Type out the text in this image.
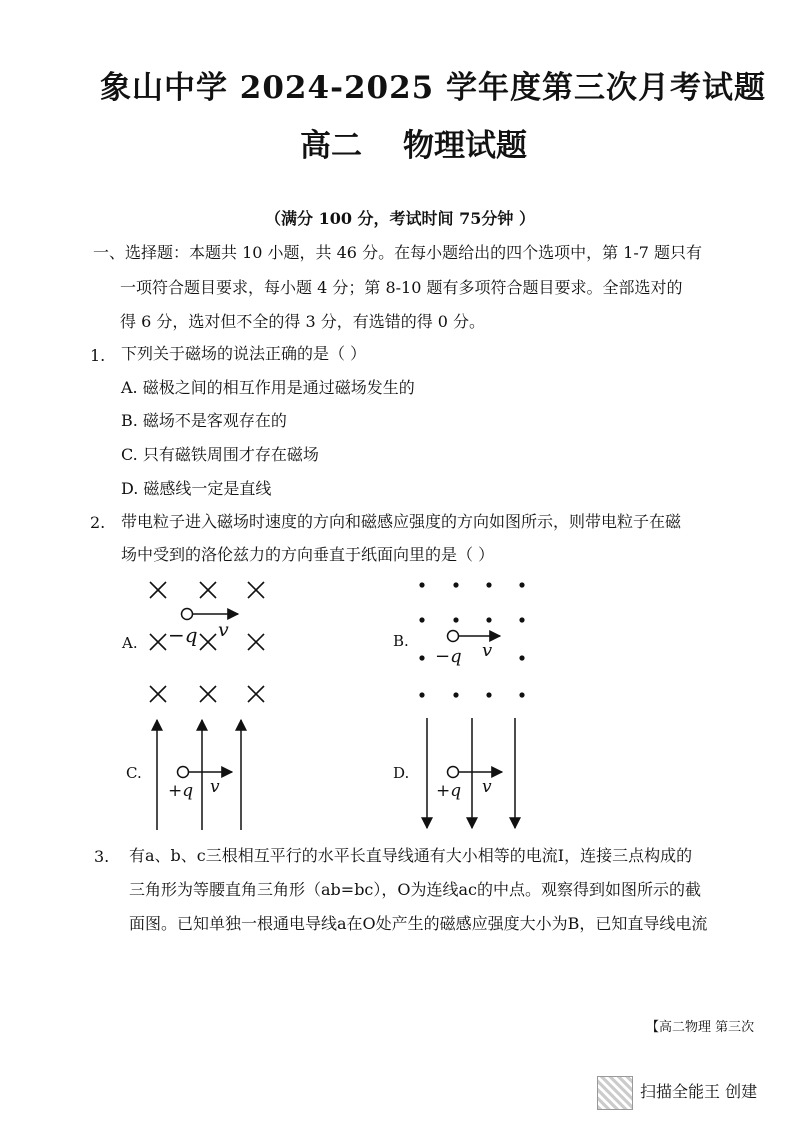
象山中学 2024-2025 学年度第三次月考试题
高二 物理试题
（满分 100 分，考试时间 75分钟 ）
一、选择题：本题共 10 小题，共 46 分。在每小题给出的四个选项中，第 1-7 题只有
一项符合题目要求，每小题 4 分；第 8-10 题有多项符合题目要求。全部选对的
得 6 分，选对但不全的得 3 分，有选错的得 0 分。
1. 下列关于磁场的说法正确的是（ ）
A. 磁极之间的相互作用是通过磁场发生的
B. 磁场不是客观存在的
C. 只有磁铁周围才存在磁场
D. 磁感线一定是直线
2. 带电粒子进入磁场时速度的方向和磁感应强度的方向如图所示，则带电粒子在磁
场中受到的洛伦兹力的方向垂直于纸面向里的是（ ）
A. −q v	B.
−q v
C.
+q v
D.
+q v
3. 有a、b、c三根相互平行的水平长直导线通有大小相等的电流I，连接三点构成的
三角形为等腰直角三角形（ab=bc），O为连线ac的中点。观察得到如图所示的截
面图。已知单独一根通电导线a在O处产生的磁感应强度大小为B，已知直导线电流
【高二物理 第三次
扫描全能王 创建
